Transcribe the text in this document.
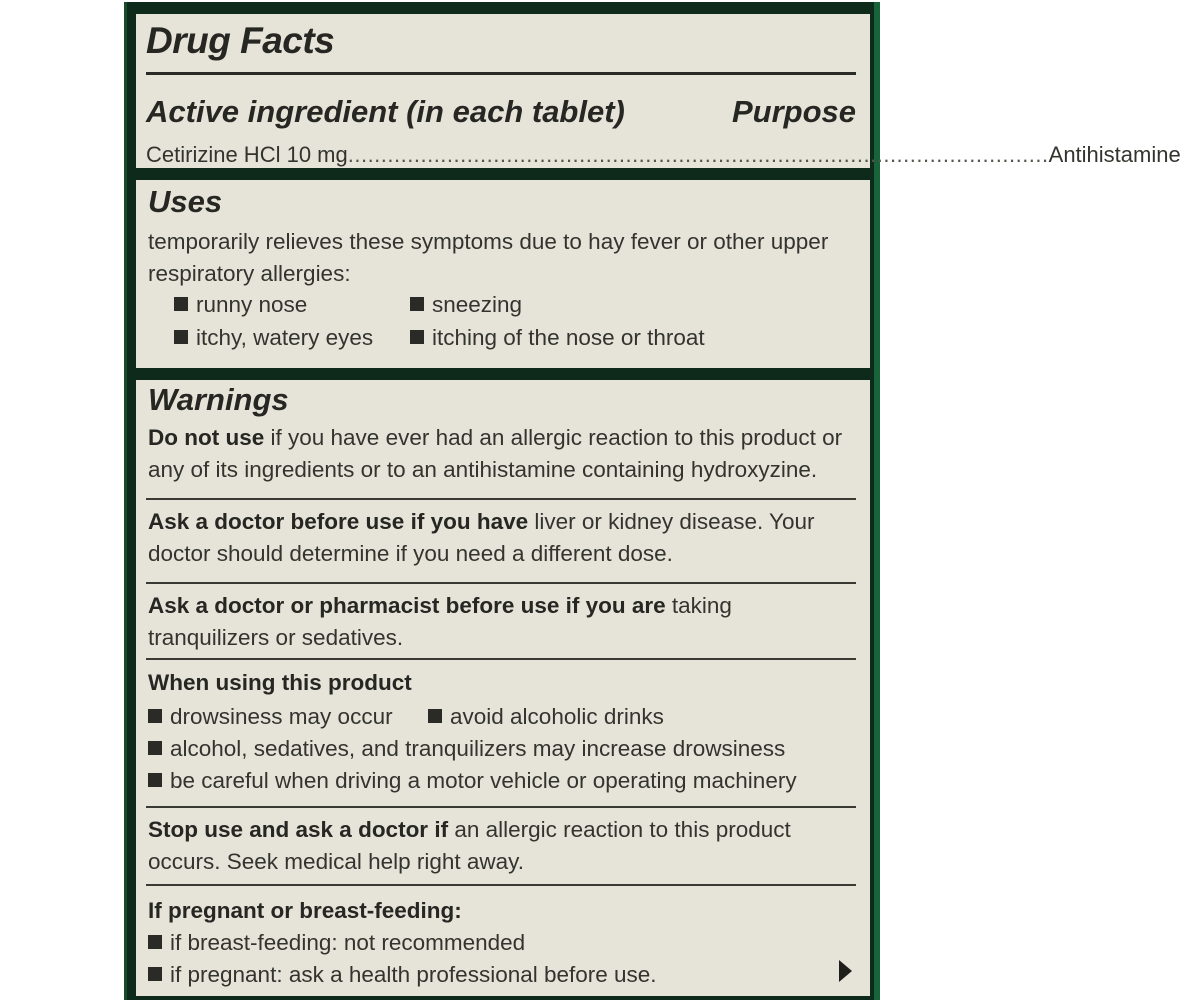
Drug Facts
Active ingredient (in each tablet)	Purpose
Cetirizine HCl 10 mg .......................................................................................................... Antihistamine
Uses

temporarily relieves these symptoms due to hay fever or other upper respiratory allergies:

runny nose	sneezing
itchy, watery eyes	itching of the nose or throat
Warnings

Do not use if you have ever had an allergic reaction to this product or any of its ingredients or to an antihistamine containing hydroxyzine.

Ask a doctor before use if you have liver or kidney disease. Your doctor should determine if you need a different dose.

Ask a doctor or pharmacist before use if you are taking tranquilizers or sedatives.

When using this product
drowsiness may occur	avoid alcoholic drinks
alcohol, sedatives, and tranquilizers may increase drowsiness
be careful when driving a motor vehicle or operating machinery

Stop use and ask a doctor if an allergic reaction to this product occurs. Seek medical help right away.

If pregnant or breast-feeding:
if breast-feeding: not recommended
if pregnant: ask a health professional before use.
